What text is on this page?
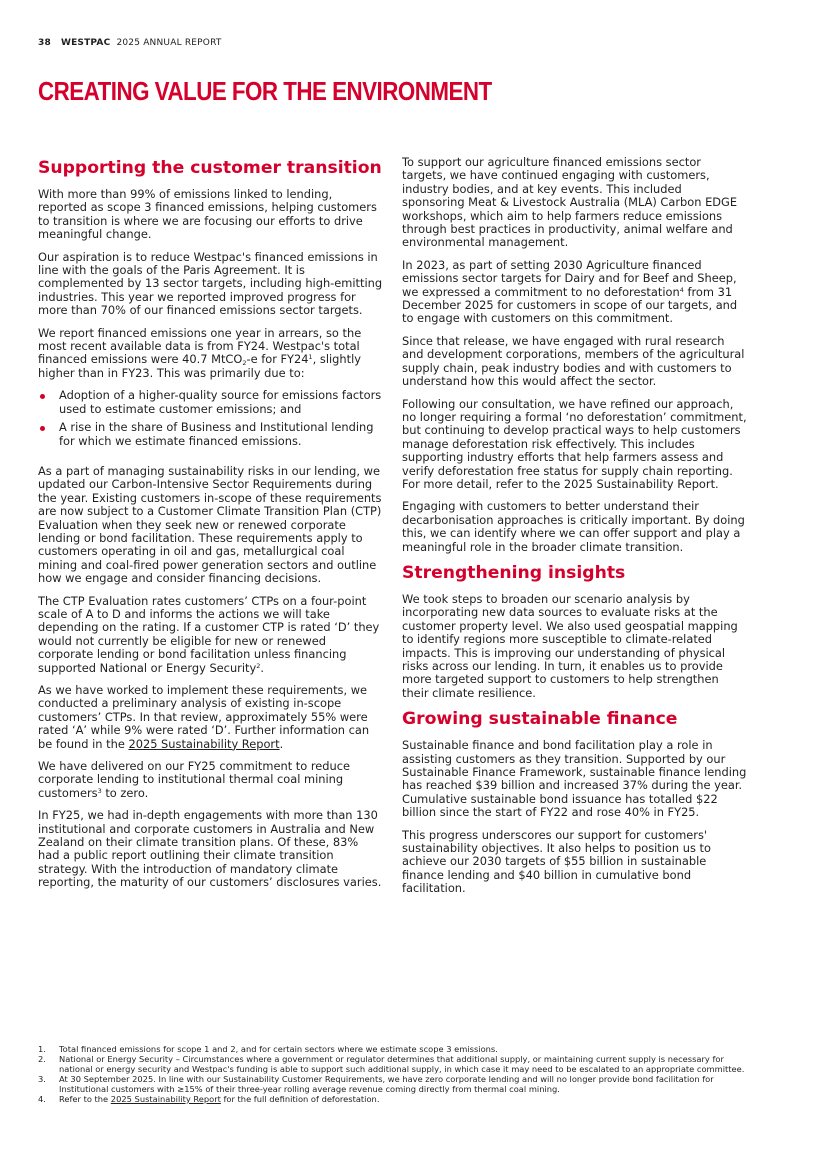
38 WESTPAC 2025 ANNUAL REPORT
CREATING VALUE FOR THE ENVIRONMENT
Supporting the customer transition

With more than 99% of emissions linked to lending, reported as scope 3 financed emissions, helping customers to transition is where we are focusing our efforts to drive meaningful change.

Our aspiration is to reduce Westpac's financed emissions in line with the goals of the Paris Agreement. It is complemented by 13 sector targets, including high-emitting industries. This year we reported improved progress for more than 70% of our financed emissions sector targets.

We report financed emissions one year in arrears, so the most recent available data is from FY24. Westpac's total financed emissions were 40.7 MtCO$_2$-e for $FY24^1$, slightly higher than in FY23. This was primarily due to:

Adoption of a higher-quality source for emissions factors used to estimate customer emissions; and
A rise in the share of Business and Institutional lending for which we estimate financed emissions.

As a part of managing sustainability risks in our lending, we updated our Carbon-Intensive Sector Requirements during the year. Existing customers in-scope of these requirements are now subject to a Customer Climate Transition Plan (CTP) Evaluation when they seek new or renewed corporate lending or bond facilitation. These requirements apply to customers operating in oil and gas, metallurgical coal mining and coal-fired power generation sectors and outline how we engage and consider financing decisions.

The CTP Evaluation rates customers’ CTPs on a four-point scale of A to D and informs the actions we will take depending on the rating. If a customer CTP is rated ‘D’ they would not currently be eligible for new or renewed corporate lending or bond facilitation unless financing supported National or Energy Security$^2$.

As we have worked to implement these requirements, we conducted a preliminary analysis of existing in-scope customers’ CTPs. In that review, approximately 55% were rated ‘A’ while 9% were rated ‘D’. Further information can be found in the 2025 Sustainability Report.

We have delivered on our FY25 commitment to reduce corporate lending to institutional thermal coal mining customers$^3$ to zero.

In FY25, we had in-depth engagements with more than 130 institutional and corporate customers in Australia and New Zealand on their climate transition plans. Of these, 83% had a public report outlining their climate transition strategy. With the introduction of mandatory climate reporting, the maturity of our customers’ disclosures varies.

To support our agriculture financed emissions sector targets, we have continued engaging with customers, industry bodies, and at key events. This included sponsoring Meat & Livestock Australia (MLA) Carbon EDGE workshops, which aim to help farmers reduce emissions through best practices in productivity, animal welfare and environmental management.

In 2023, as part of setting 2030 Agriculture financed emissions sector targets for Dairy and for Beef and Sheep, we expressed a commitment to no deforestation$^4$ from 31 December 2025 for customers in scope of our targets, and to engage with customers on this commitment.

Since that release, we have engaged with rural research and development corporations, members of the agricultural supply chain, peak industry bodies and with customers to understand how this would affect the sector.

Following our consultation, we have refined our approach, no longer requiring a formal ‘no deforestation’ commitment, but continuing to develop practical ways to help customers manage deforestation risk effectively. This includes supporting industry efforts that help farmers assess and verify deforestation free status for supply chain reporting. For more detail, refer to the 2025 Sustainability Report.

Engaging with customers to better understand their decarbonisation approaches is critically important. By doing this, we can identify where we can offer support and play a meaningful role in the broader climate transition.

Strengthening insights

We took steps to broaden our scenario analysis by incorporating new data sources to evaluate risks at the customer property level. We also used geospatial mapping to identify regions more susceptible to climate-related impacts. This is improving our understanding of physical risks across our lending. In turn, it enables us to provide more targeted support to customers to help strengthen their climate resilience.

Growing sustainable finance

Sustainable finance and bond facilitation play a role in assisting customers as they transition. Supported by our Sustainable Finance Framework, sustainable finance lending has reached $39 billion and increased 37% during the year. Cumulative sustainable bond issuance has totalled $22 billion since the start of FY22 and rose 40% in FY25.

This progress underscores our support for customers' sustainability objectives. It also helps to position us to achieve our 2030 targets of $55 billion in sustainable finance lending and $40 billion in cumulative bond facilitation.

1.	Total financed emissions for scope 1 and 2, and for certain sectors where we estimate scope 3 emissions.
2.	National or Energy Security – Circumstances where a government or regulator determines that additional supply, or maintaining current supply is necessary for national or energy security and Westpac's funding is able to support such additional supply, in which case it may need to be escalated to an appropriate committee.
3.	At 30 September 2025. In line with our Sustainability Customer Requirements, we have zero corporate lending and will no longer provide bond facilitation for Institutional customers with ≥15% of their three-year rolling average revenue coming directly from thermal coal mining.
4.	Refer to the 2025 Sustainability Report for the full definition of deforestation.
